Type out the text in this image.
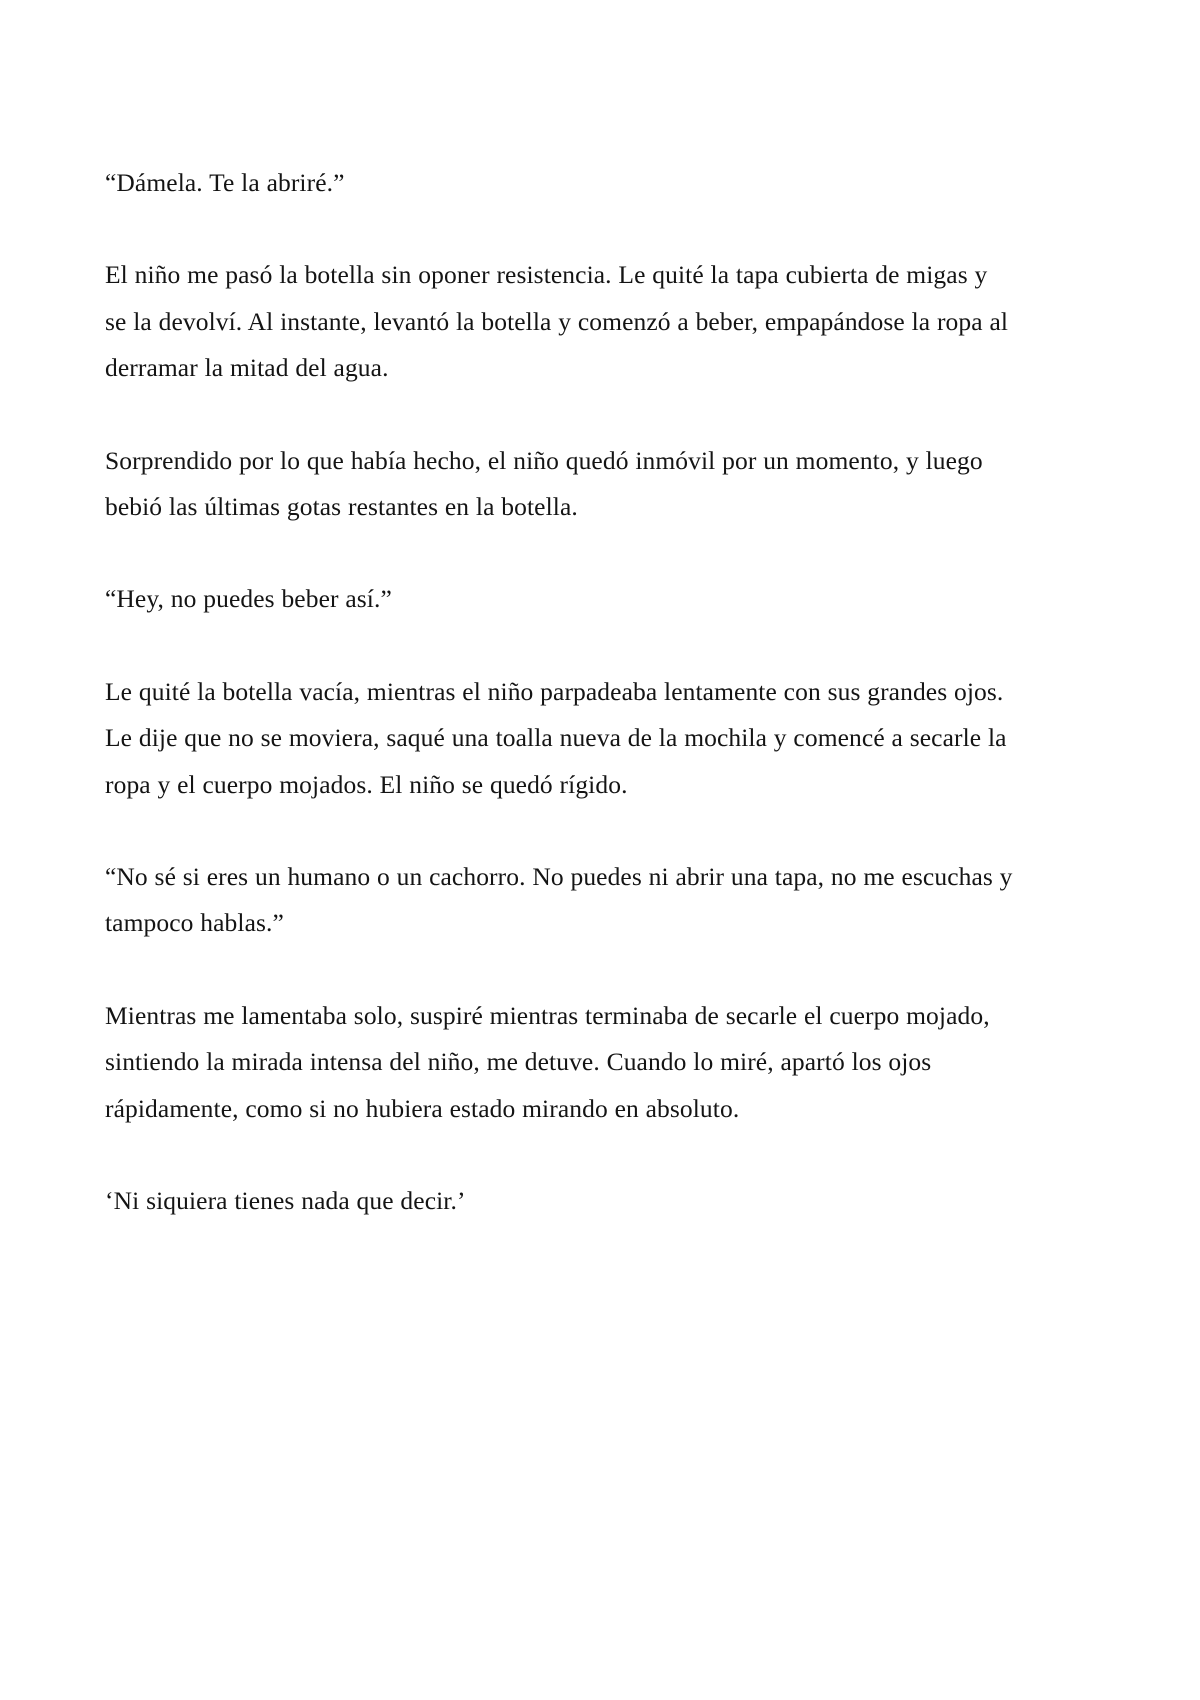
“Dámela. Te la abriré.”

El niño me pasó la botella sin oponer resistencia. Le quité la tapa cubierta de migas y se la devolví. Al instante, levantó la botella y comenzó a beber, empapándose la ropa al derramar la mitad del agua.

Sorprendido por lo que había hecho, el niño quedó inmóvil por un momento, y luego bebió las últimas gotas restantes en la botella.

“Hey, no puedes beber así.”

Le quité la botella vacía, mientras el niño parpadeaba lentamente con sus grandes ojos. Le dije que no se moviera, saqué una toalla nueva de la mochila y comencé a secarle la ropa y el cuerpo mojados. El niño se quedó rígido.

“No sé si eres un humano o un cachorro. No puedes ni abrir una tapa, no me escuchas y tampoco hablas.”

Mientras me lamentaba solo, suspiré mientras terminaba de secarle el cuerpo mojado, sintiendo la mirada intensa del niño, me detuve. Cuando lo miré, apartó los ojos rápidamente, como si no hubiera estado mirando en absoluto.

‘Ni siquiera tienes nada que decir.’
